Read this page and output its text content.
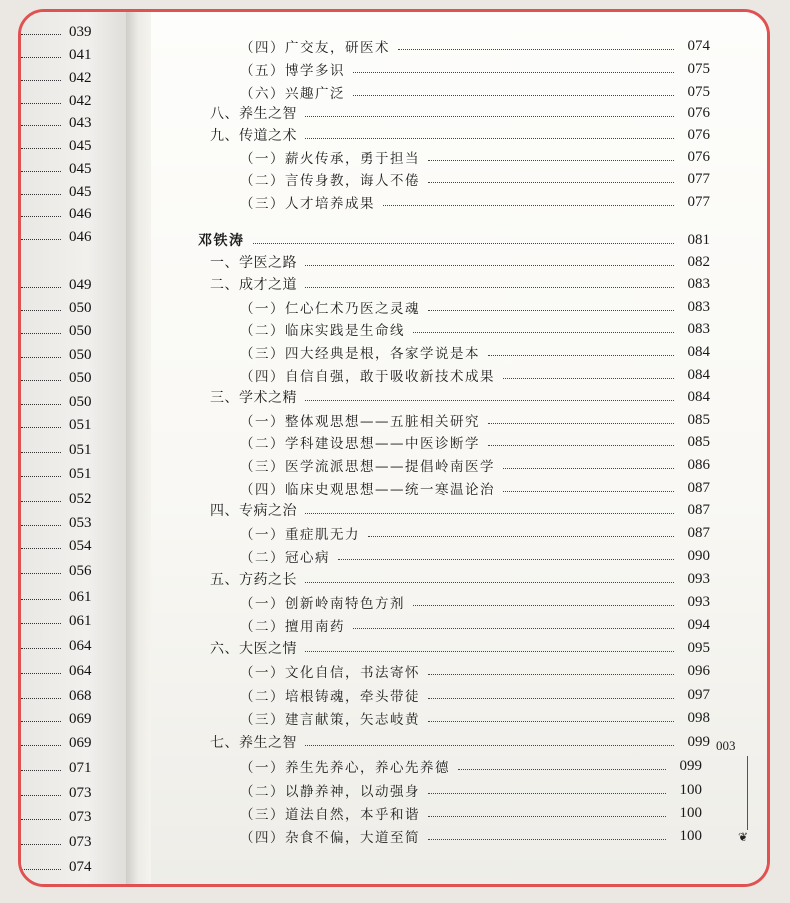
039
041
042
042
043
045
045
045
046
046
049
050
050
050
050
050
051
051
051
052
053
054
056
061
061
064
064
068
069
069
071
073
073
073
074
（四）广交友，研医术	074
（五）博学多识	075
（六）兴趣广泛	075
八、养生之智	076
九、传道之术	076
（一）薪火传承，勇于担当	076
（二）言传身教，诲人不倦	077
（三）人才培养成果	077
邓铁涛	081
一、学医之路	082
二、成才之道	083
（一）仁心仁术乃医之灵魂	083
（二）临床实践是生命线	083
（三）四大经典是根，各家学说是本	084
（四）自信自强，敢于吸收新技术成果	084
三、学术之精	084
（一）整体观思想——五脏相关研究	085
（二）学科建设思想——中医诊断学	085
（三）医学流派思想——提倡岭南医学	086
（四）临床史观思想——统一寒温论治	087
四、专病之治	087
（一）重症肌无力	087
（二）冠心病	090
五、方药之长	093
（一）创新岭南特色方剂	093
（二）擅用南药	094
六、大医之情	095
（一）文化自信，书法寄怀	096
（二）培根铸魂，牵头带徒	097
（三）建言献策，矢志岐黄	098
七、养生之智	099
（一）养生先养心，养心先养德	099
（二）以静养神，以动强身	100
（三）道法自然，本乎和谐	100
（四）杂食不偏，大道至简	100
003
❦
